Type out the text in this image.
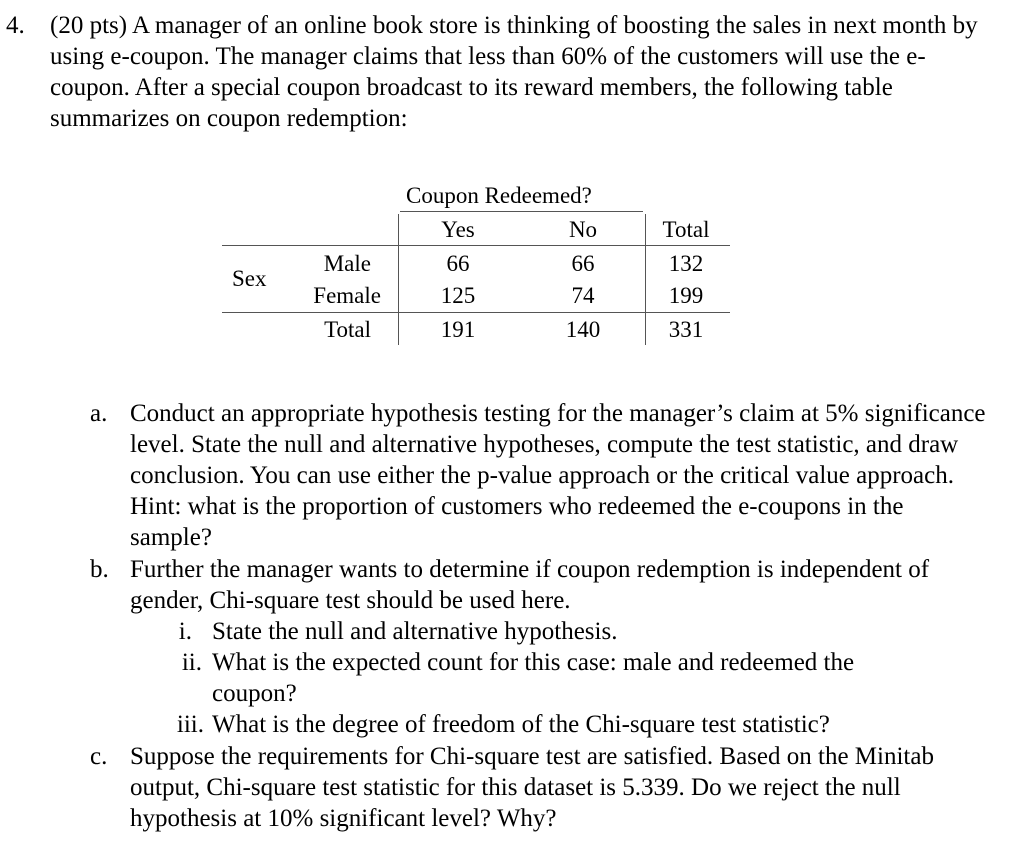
4. (20 pts) A manager of an online book store is thinking of boosting the sales in next month by using e-coupon. The manager claims that less than 60% of the customers will use the e-coupon. After a special coupon broadcast to its reward members, the following table summarizes on coupon redemption:
Coupon Redeemed?
Yes	No	Total
Sex
Male	66	66	132
Female	125	74	199
Total	191	140	331
a. Conduct an appropriate hypothesis testing for the manager’s claim at 5% significance level. State the null and alternative hypotheses, compute the test statistic, and draw conclusion. You can use either the p-value approach or the critical value approach. Hint: what is the proportion of customers who redeemed the e-coupons in the sample?
b. Further the manager wants to determine if coupon redemption is independent of gender, Chi-square test should be used here.
i. State the null and alternative hypothesis.
ii. What is the expected count for this case: male and redeemed the coupon?
iii. What is the degree of freedom of the Chi-square test statistic?
c. Suppose the requirements for Chi-square test are satisfied. Based on the Minitab output, Chi-square test statistic for this dataset is 5.339. Do we reject the null hypothesis at 10% significant level? Why?
